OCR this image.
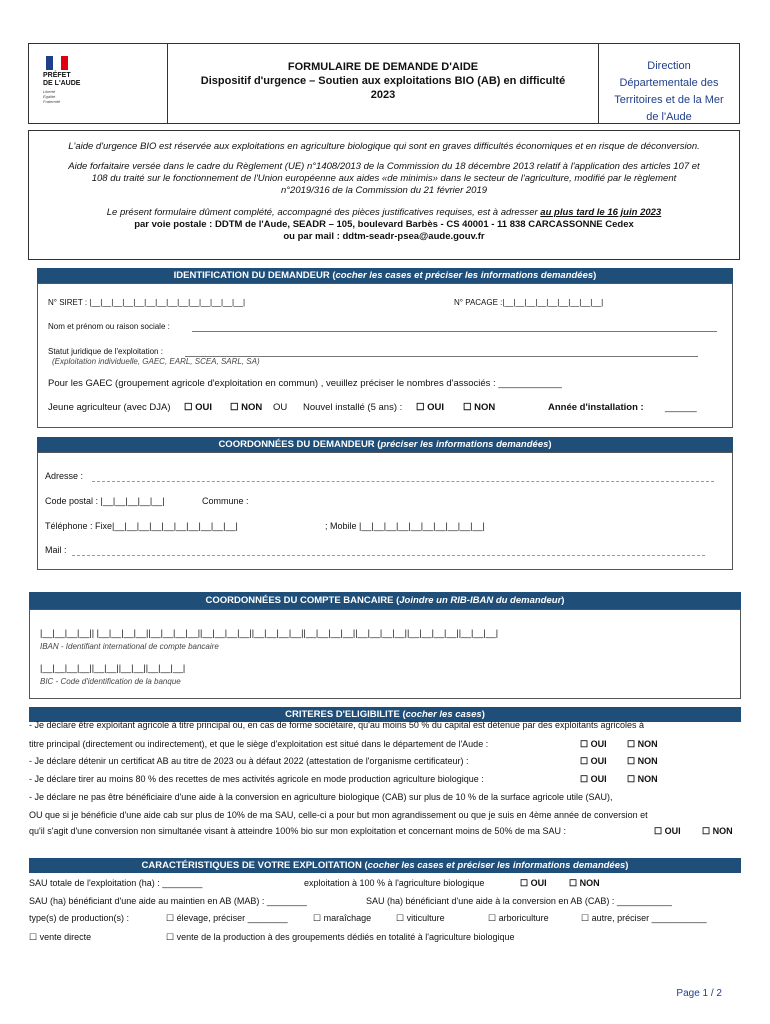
PRÉFET
DE L'AUDE
Liberté
Égalité
Fraternité
FORMULAIRE DE DEMANDE D'AIDE
Dispositif d'urgence – Soutien aux exploitations BIO (AB) en difficulté
2023
Direction
Départementale des
Territoires et de la Mer
de l'Aude

L'aide d'urgence BIO est réservée aux exploitations en agriculture biologique qui sont en graves difficultés économiques et en risque de déconversion.

Aide forfaitaire versée dans le cadre du Règlement (UE) n°1408/2013 de la Commission du 18 décembre 2013 relatif à l'application des articles 107 et

108 du traité sur le fonctionnement de l'Union européenne aux aides «de minimis» dans le secteur de l'agriculture, modifié par le règlement

n°2019/316 de la Commission du 21 février 2019

Le présent formulaire dûment complété, accompagné des pièces justificatives requises, est à adresser au plus tard le 16 juin 2023

par voie postale : DDTM de l'Aude, SEADR – 105, boulevard Barbès - CS 40001 - 11 838 CARCASSONNE Cedex

ou par mail : ddtm-seadr-psea@aude.gouv.fr

IDENTIFICATION DU DEMANDEUR (cocher les cases et préciser les informations demandées)
N° SIRET : |__|__|__|__|__|__|__|__|__|__|__|__|__|__|	N° PACAGE :|__|__|__|__|__|__|__|__|__|
Nom et prénom ou raison sociale :
Statut juridique de l'exploitation :
(Exploitation individuelle, GAEC, EARL, SCEA, SARL, SA)
Pour les GAEC (groupement agricole d'exploitation en commun) , veuillez préciser le nombres d'associés : ____________
Jeune agriculteur (avec DJA) ☐ OUI ☐ NON OU Nouvel installé (5 ans) : ☐ OUI ☐ NON	Année d'installation : ______
COORDONNÉES DU DEMANDEUR (préciser les informations demandées)
Adresse :
Code postal : |__|__|__|__|__|	Commune :
Téléphone : Fixe|__|__|__|__|__|__|__|__|__|__|	; Mobile |__|__|__|__|__|__|__|__|__|__|
Mail :
COORDONNÉES DU COMPTE BANCAIRE (Joindre un RIB-IBAN du demandeur)
|__|__|__|__|| |__|__|__|__||__|__|__|__||__|__|__|__||__|__|__|__||__|__|__|__||__|__|__|__||__|__|__|__||__|__|__|
IBAN - Identifiant international de compte bancaire
|__|__|__|__||__|__||__|__||__|__|__|
BIC - Code d'identification de la banque
CRITERES D'ELIGIBILITE (cocher les cases)
- Je déclare être exploitant agricole à titre principal ou, en cas de forme sociétaire, qu'au moins 50 % du capital est détenue par des exploitants agricoles à
titre principal (directement ou indirectement), et que le siège d'exploitation est situé dans le département de l'Aude :	☐ OUI ☐ NON
- Je déclare détenir un certificat AB au titre de 2023 ou à défaut 2022 (attestation de l'organisme certificateur) :	☐ OUI ☐ NON
- Je déclare tirer au moins 80 % des recettes de mes activités agricole en mode production agriculture biologique :	☐ OUI ☐ NON
- Je déclare ne pas être bénéficiaire d'une aide à la conversion en agriculture biologique (CAB) sur plus de 10 % de la surface agricole utile (SAU),
OU que si je bénéficie d'une aide cab sur plus de 10% de ma SAU, celle-ci a pour but mon agrandissement ou que je suis en 4ème année de conversion et
qu'il s'agit d'une conversion non simultanée visant à atteindre 100% bio sur mon exploitation et concernant moins de 50% de ma SAU :	☐ OUI ☐ NON
CARACTÉRISTIQUES DE VOTRE EXPLOITATION (cocher les cases et préciser les informations demandées)
SAU totale de l'exploitation (ha) : ________	exploitation à 100 % à l'agriculture biologique	☐ OUI ☐ NON
SAU (ha) bénéficiant d'une aide au maintien en AB (MAB) : ________	SAU (ha) bénéficiant d'une aide à la conversion en AB (CAB) : ___________
type(s) de production(s) :	☐ élevage, préciser ________	☐ maraîchage	☐ viticulture	☐ arboriculture	☐ autre, préciser ___________
☐ vente directe	☐ vente de la production à des groupements dédiés en totalité à l'agriculture biologique
Page 1 / 2
